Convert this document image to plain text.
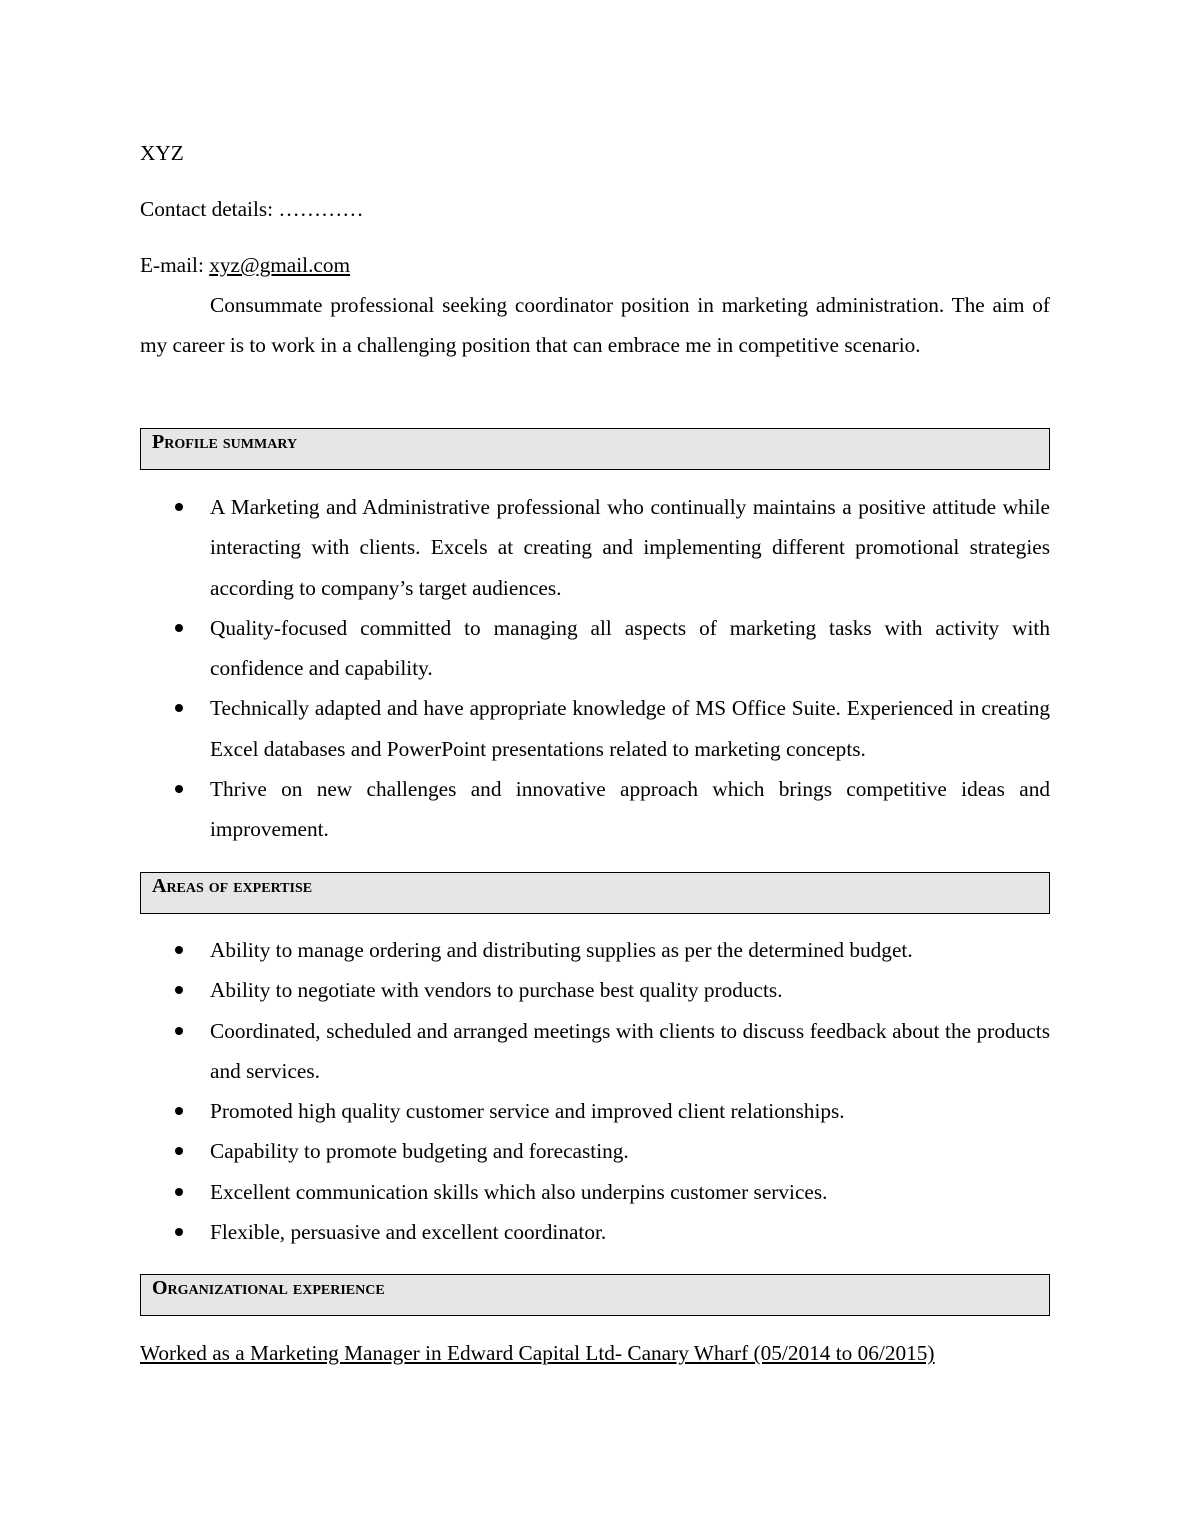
XYZ
Contact details: …………
E-mail: xyz@gmail.com
Consummate professional seeking coordinator position in marketing administration. The aim of my career is to work in a challenging position that can embrace me in competitive scenario.
Profile summary
A Marketing and Administrative professional who continually maintains a positive attitude while interacting with clients. Excels at creating and implementing different promotional strategies according to company’s target audiences.
Quality-focused committed to managing all aspects of marketing tasks with activity with confidence and capability.
Technically adapted and have appropriate knowledge of MS Office Suite. Experienced in creating Excel databases and PowerPoint presentations related to marketing concepts.
Thrive on new challenges and innovative approach which brings competitive ideas and improvement.
Areas of expertise
Ability to manage ordering and distributing supplies as per the determined budget.
Ability to negotiate with vendors to purchase best quality products.
Coordinated, scheduled and arranged meetings with clients to discuss feedback about the products and services.
Promoted high quality customer service and improved client relationships.
Capability to promote budgeting and forecasting.
Excellent communication skills which also underpins customer services.
Flexible, persuasive and excellent coordinator.
Organizational experience
Worked as a Marketing Manager in Edward Capital Ltd- Canary Wharf (05/2014 to 06/2015)
